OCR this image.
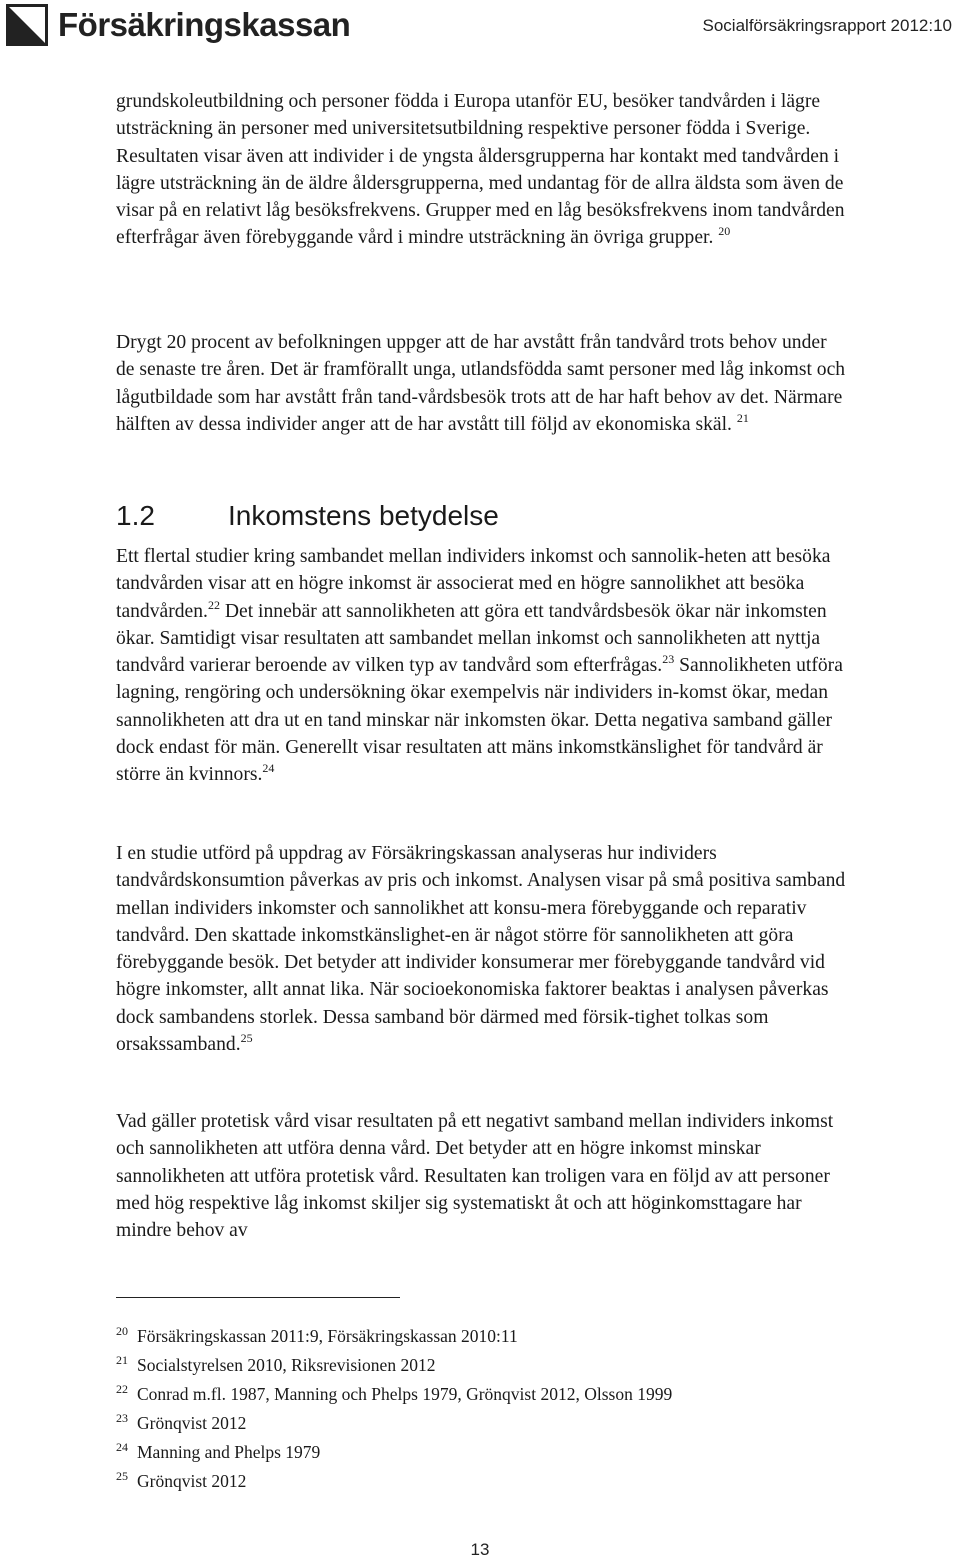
Försäkringskassan	Socialförsäkringsrapport 2012:10

grundskoleutbildning och personer födda i Europa utanför EU, besöker tandvården i lägre utsträckning än personer med universitetsutbildning respektive personer födda i Sverige. Resultaten visar även att individer i de yngsta åldersgrupperna har kontakt med tandvården i lägre utsträckning än de äldre åldersgrupperna, med undantag för de allra äldsta som även de visar på en relativt låg besöksfrekvens. Grupper med en låg besöksfrekvens inom tandvården efterfrågar även förebyggande vård i mindre utsträckning än övriga grupper. $^{20}$

Drygt 20 procent av befolkningen uppger att de har avstått från tandvård trots behov under de senaste tre åren. Det är framförallt unga, utlandsfödda samt personer med låg inkomst och lågutbildade som har avstått från tand-vårdsbesök trots att de har haft behov av det. Närmare hälften av dessa individer anger att de har avstått till följd av ekonomiska skäl. $^{21}$

1.2	Inkomstens betydelse

Ett flertal studier kring sambandet mellan individers inkomst och sannolik-heten att besöka tandvården visar att en högre inkomst är associerat med en högre sannolikhet att besöka tandvården.$^{22}$ Det innebär att sannolikheten att göra ett tandvårdsbesök ökar när inkomsten ökar. Samtidigt visar resultaten att sambandet mellan inkomst och sannolikheten att nyttja tandvård varierar beroende av vilken typ av tandvård som efterfrågas.$^{23}$ Sannolikheten utföra lagning, rengöring och undersökning ökar exempelvis när individers in-komst ökar, medan sannolikheten att dra ut en tand minskar när inkomsten ökar. Detta negativa samband gäller dock endast för män. Generellt visar resultaten att mäns inkomstkänslighet för tandvård är större än kvinnors.$^{24}$

I en studie utförd på uppdrag av Försäkringskassan analyseras hur individers tandvårdskonsumtion påverkas av pris och inkomst. Analysen visar på små positiva samband mellan individers inkomster och sannolikhet att konsu-mera förebyggande och reparativ tandvård. Den skattade inkomstkänslighet-en är något större för sannolikheten att göra förebyggande besök. Det betyder att individer konsumerar mer förebyggande tandvård vid högre inkomster, allt annat lika. När socioekonomiska faktorer beaktas i analysen påverkas dock sambandens storlek. Dessa samband bör därmed med försik-tighet tolkas som orsakssamband.$^{25}$

Vad gäller protetisk vård visar resultaten på ett negativt samband mellan individers inkomst och sannolikheten att utföra denna vård. Det betyder att en högre inkomst minskar sannolikheten att utföra protetisk vård. Resultaten kan troligen vara en följd av att personer med hög respektive låg inkomst skiljer sig systematiskt åt och att höginkomsttagare har mindre behov av

20 Försäkringskassan 2011:9, Försäkringskassan 2010:11
21 Socialstyrelsen 2010, Riksrevisionen 2012
22 Conrad m.fl. 1987, Manning och Phelps 1979, Grönqvist 2012, Olsson 1999
23 Grönqvist 2012
24 Manning and Phelps 1979
25 Grönqvist 2012
13
